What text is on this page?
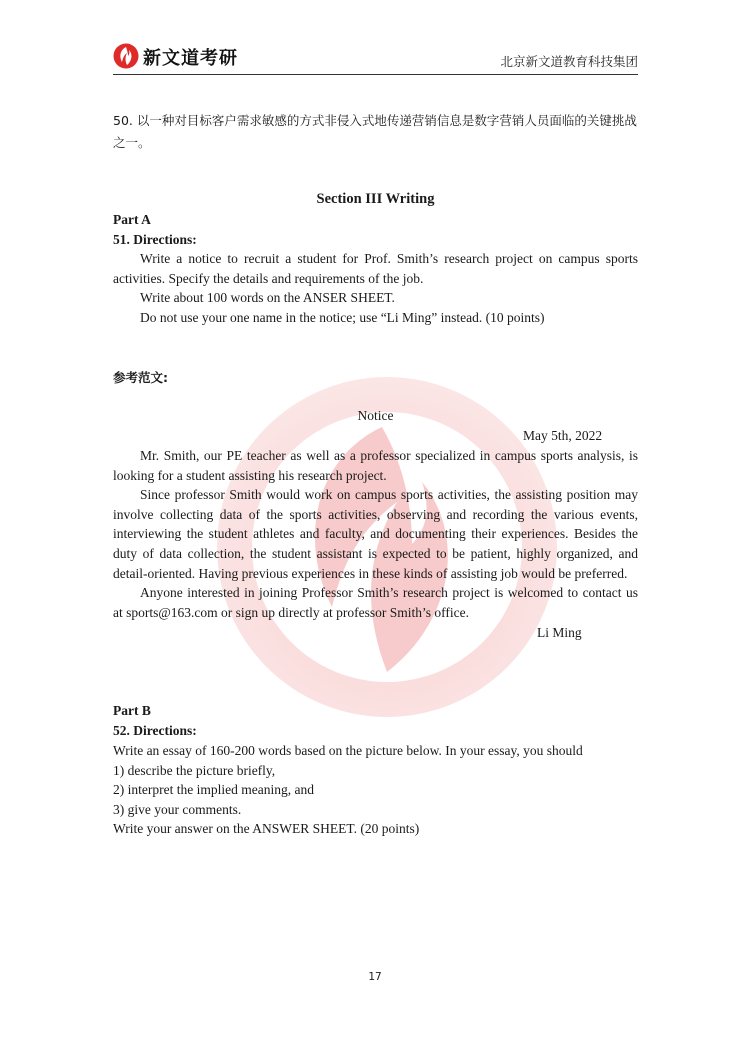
新文道考研	北京新文道教育科技集团
50. 以一种对目标客户需求敏感的方式非侵入式地传递营销信息是数字营销人员面临的关键挑战之一。
Section III Writing
Part A
51. Directions:
Write a notice to recruit a student for Prof. Smith’s research project on campus sports activities. Specify the details and requirements of the job.
Write about 100 words on the ANSER SHEET.
Do not use your one name in the notice; use “Li Ming” instead. (10 points)
参考范文:
Notice
May 5th, 2022
Mr. Smith, our PE teacher as well as a professor specialized in campus sports analysis, is looking for a student assisting his research project.
Since professor Smith would work on campus sports activities, the assisting position may involve collecting data of the sports activities, observing and recording the various events, interviewing the student athletes and faculty, and documenting their experiences. Besides the duty of data collection, the student assistant is expected to be patient, highly organized, and detail-oriented. Having previous experiences in these kinds of assisting job would be preferred.
Anyone interested in joining Professor Smith’s research project is welcomed to contact us at sports@163.com or sign up directly at professor Smith’s office.
Li Ming
Part B
52. Directions:
Write an essay of 160-200 words based on the picture below. In your essay, you should
1) describe the picture briefly,
2) interpret the implied meaning, and
3) give your comments.
Write your answer on the ANSWER SHEET. (20 points)
17
